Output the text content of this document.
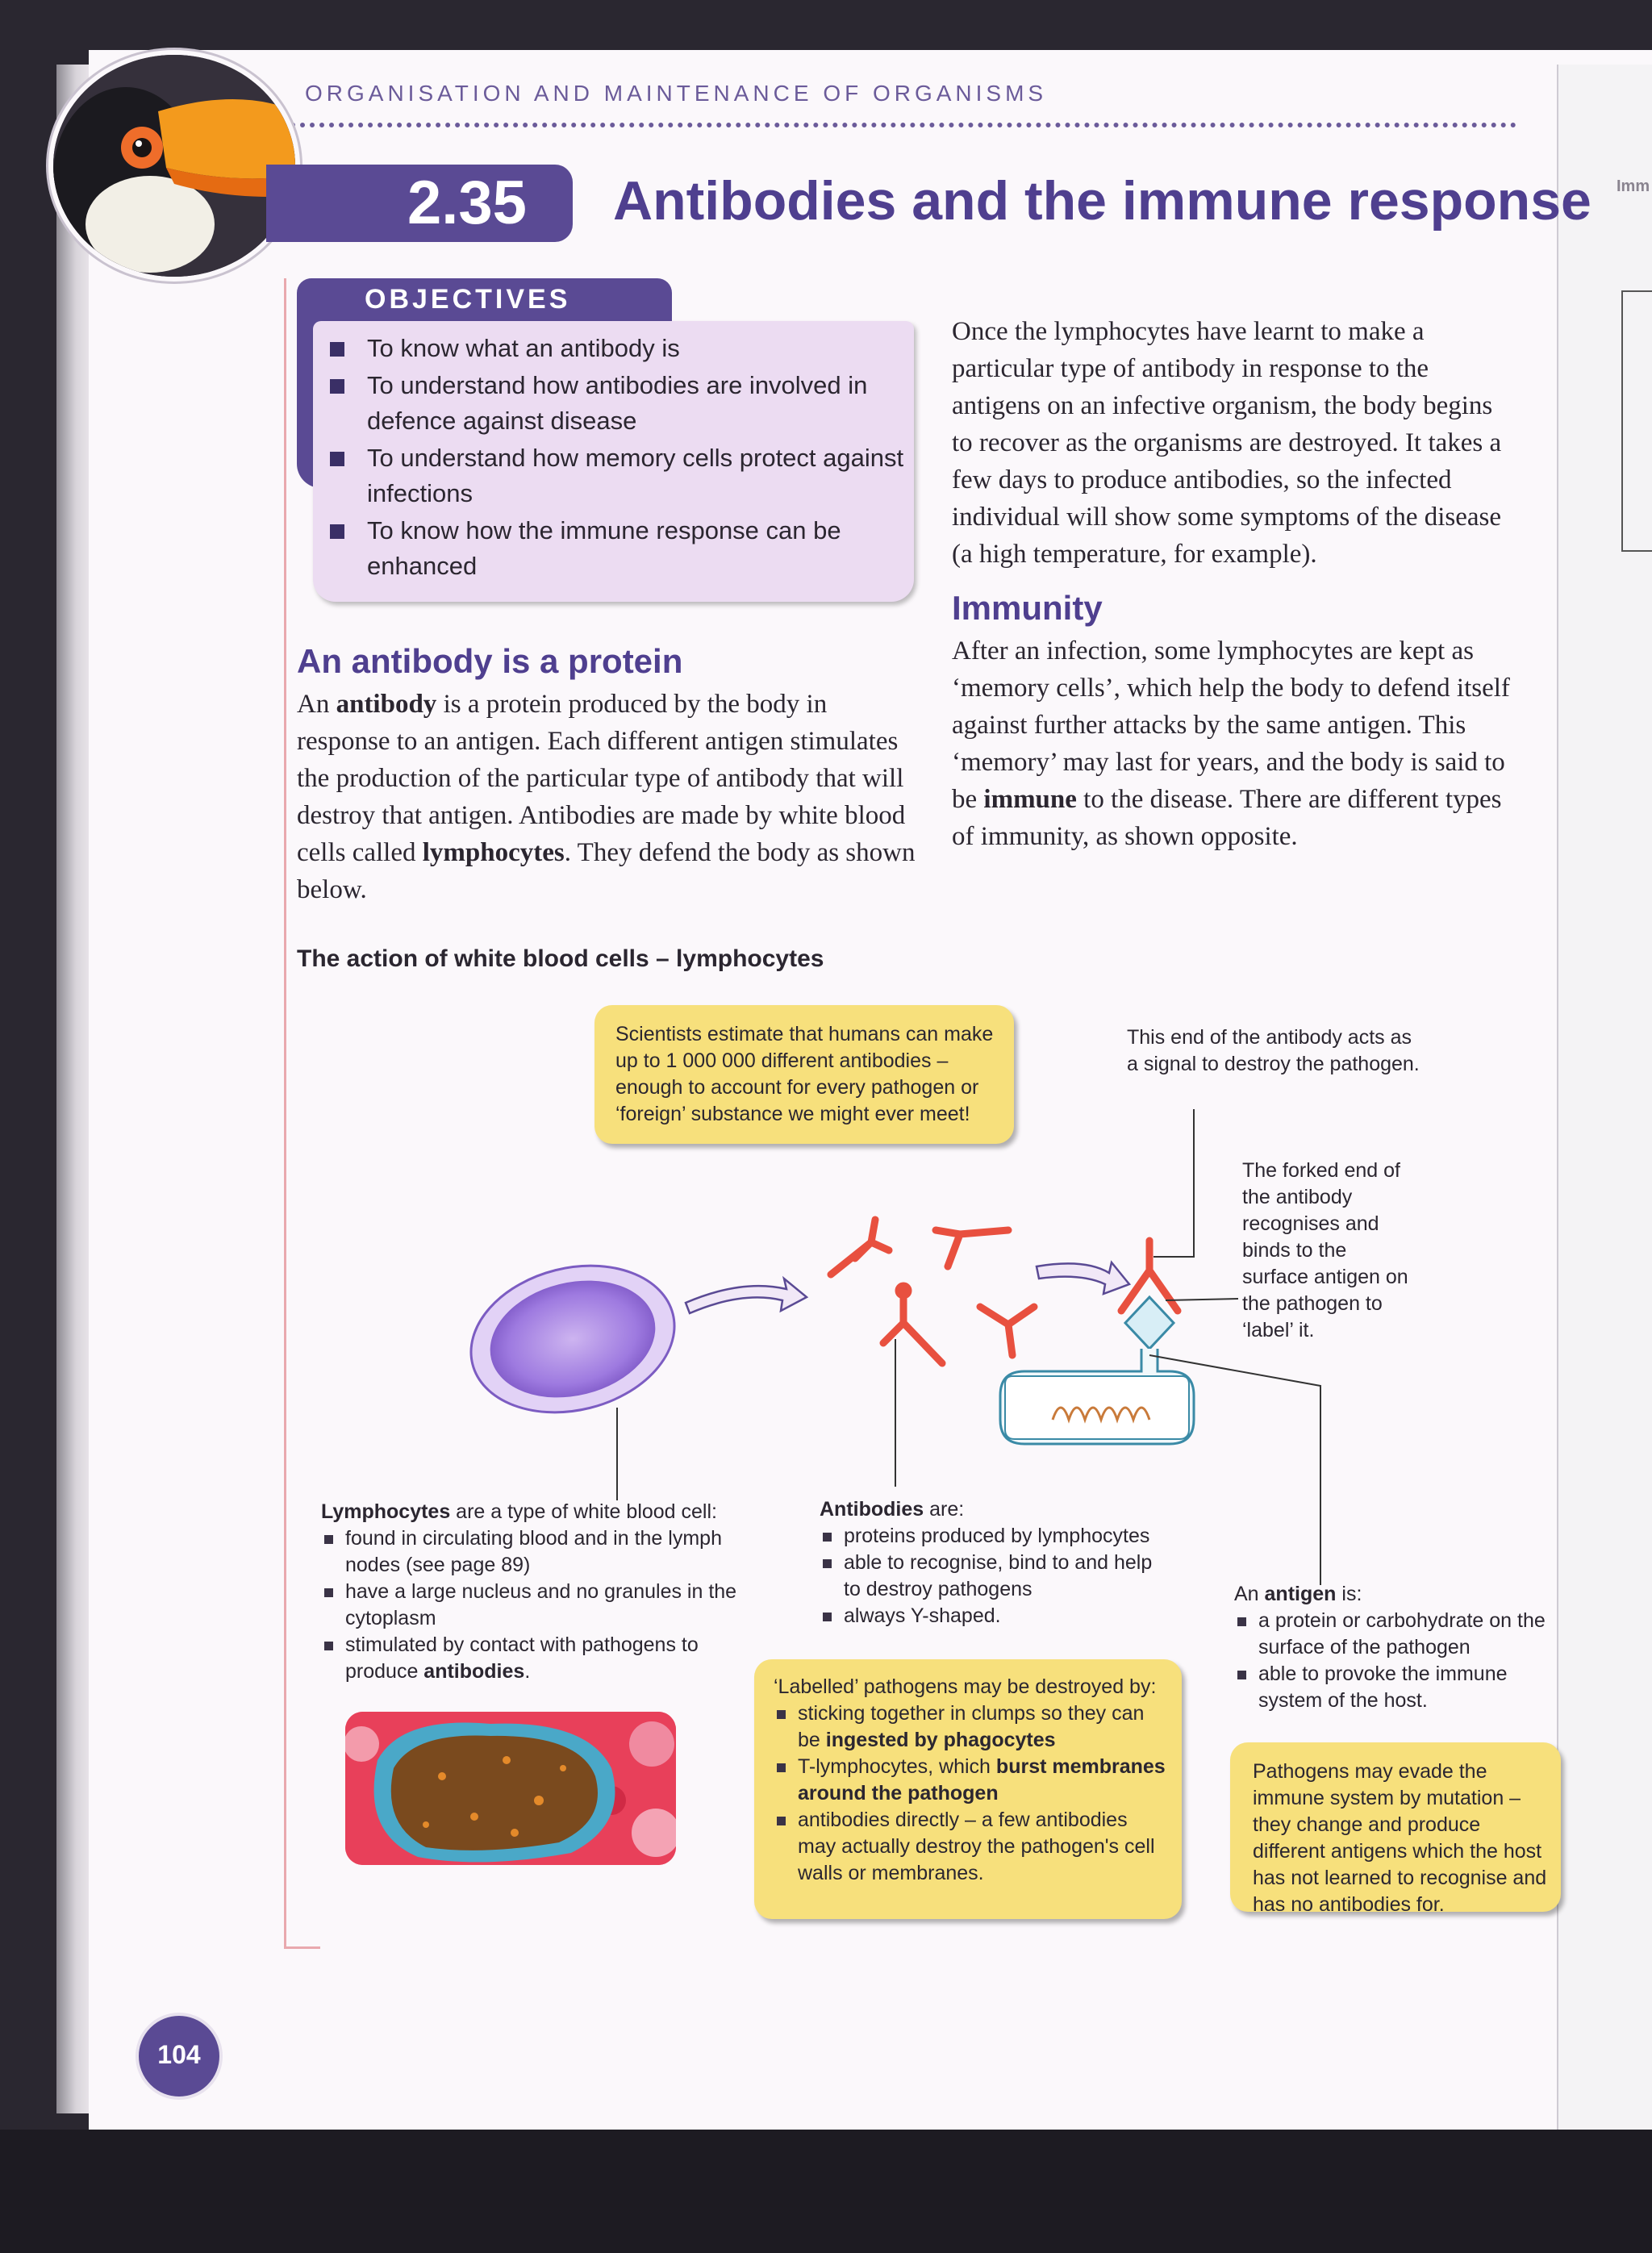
Imm
ORGANISATION AND MAINTENANCE OF ORGANISMS
2.35 Antibodies and the immune response
OBJECTIVES
To know what an antibody is
To understand how antibodies are involved in defence against disease
To understand how memory cells protect against infections
To know how the immune response can be enhanced
An antibody is a protein

An antibody is a protein produced by the body in response to an antigen. Each different antigen stimulates the production of the particular type of antibody that will destroy that antigen. Antibodies are made by white blood cells called lymphocytes. They defend the body as shown below.

Once the lymphocytes have learnt to make a particular type of antibody in response to the antigens on an infective organism, the body begins to recover as the organisms are destroyed. It takes a few days to produce antibodies, so the infected individual will show some symptoms of the disease (a high temperature, for example).

Immunity

After an infection, some lymphocytes are kept as ‘memory cells’, which help the body to defend itself against further attacks by the same antigen. This ‘memory’ may last for years, and the body is said to be immune to the disease. There are different types of immunity, as shown opposite.

The action of white blood cells – lymphocytes
Scientists estimate that humans can make up to 1 000 000 different antibodies – enough to account for every pathogen or ‘foreign’ substance we might ever meet!

This end of the antibody acts as a signal to destroy the pathogen.

The forked end of the antibody recognises and binds to the surface antigen on the pathogen to ‘label’ it.

Lymphocytes are a type of white blood cell:
found in circulating blood and in the lymph nodes (see page 89)
have a large nucleus and no granules in the cytoplasm
stimulated by contact with pathogens to produce antibodies.
Antibodies are:
proteins produced by lymphocytes
able to recognise, bind to and help to destroy pathogens
always Y-shaped.
An antigen is:
a protein or carbohydrate on the surface of the pathogen
able to provoke the immune system of the host.
‘Labelled’ pathogens may be destroyed by:
sticking together in clumps so they can be ingested by phagocytes
T-lymphocytes, which burst membranes around the pathogen
antibodies directly – a few antibodies may actually destroy the pathogen's cell walls or membranes.
Pathogens may evade the immune system by mutation – they change and produce different antigens which the host has not learned to recognise and has no antibodies for.
104
